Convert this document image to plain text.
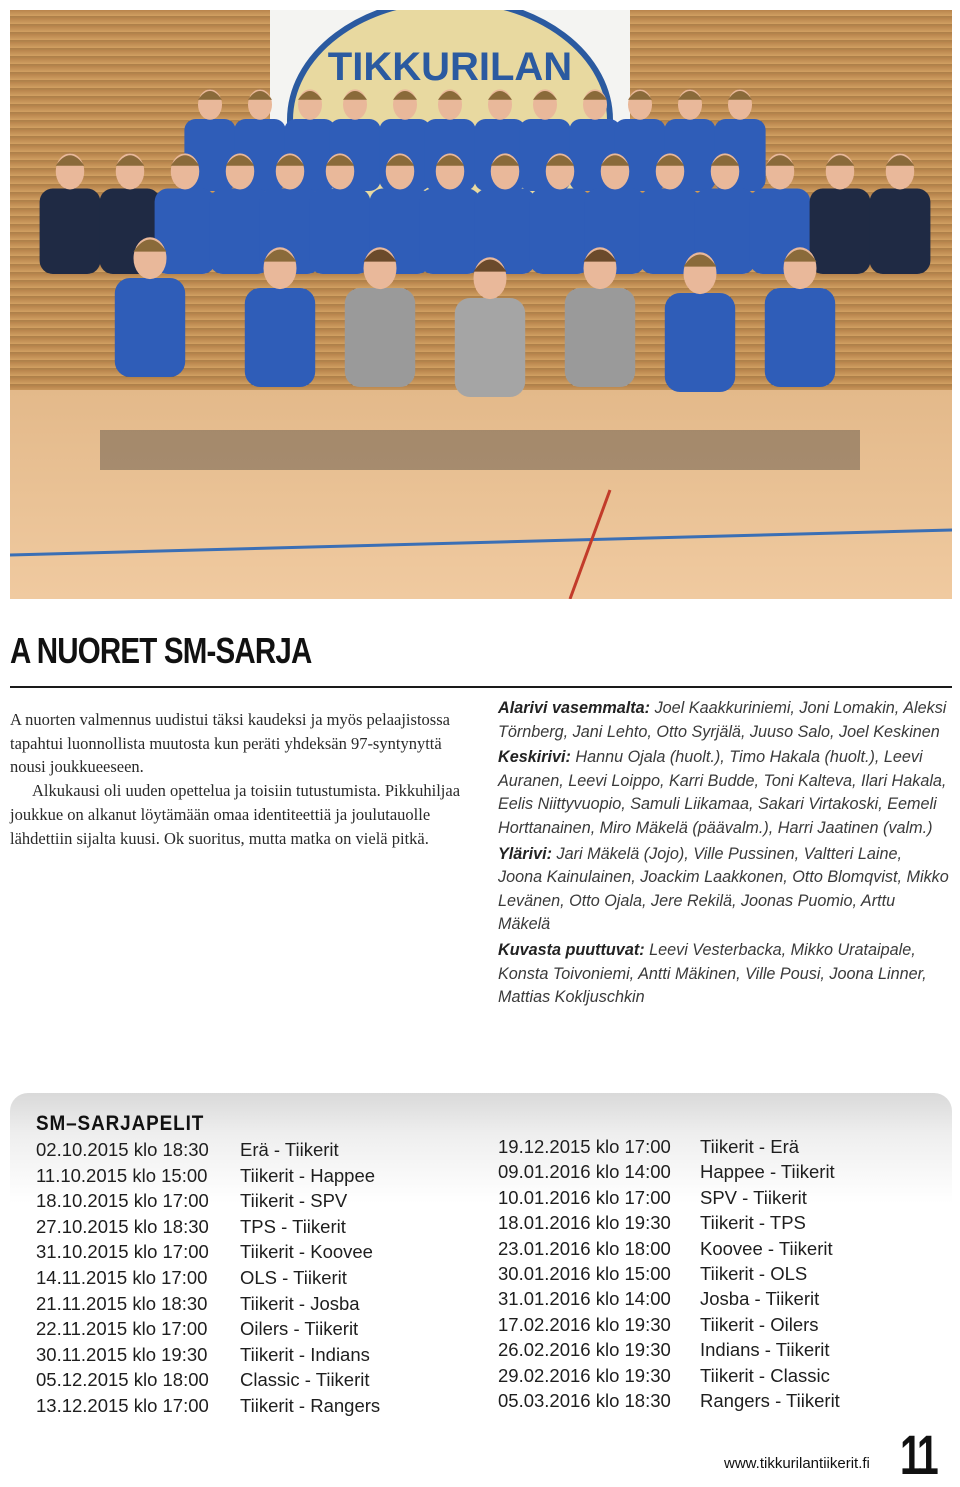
TIKKURILAN
A NUORET SM-SARJA

A nuorten valmennus uudistui täksi kaudeksi ja myös pelaajistossa tapahtui luonnollista muutosta kun peräti yhdeksän 97-syntynyttä nousi joukkueeseen.

Alkukausi oli uuden opettelua ja toisiin tutustumista. Pikkuhiljaa joukkue on alkanut löytämään omaa identiteettiä ja joulutauolle lähdettiin sijalta kuusi. Ok suoritus, mutta matka on vielä pitkä.

Alarivi vasemmalta: Joel Kaakkuriniemi, Joni Lomakin, Aleksi Törnberg, Jani Lehto, Otto Syrjälä, Juuso Salo, Joel Keskinen

Keskirivi: Hannu Ojala (huolt.), Timo Hakala (huolt.), Leevi Auranen, Leevi Loippo, Karri Budde, Toni Kalteva, Ilari Hakala, Eelis Niittyvuopio, Samuli Liikamaa, Sakari Virtakoski, Eemeli Horttanainen, Miro Mäkelä (päävalm.), Harri Jaatinen (valm.)

Ylärivi: Jari Mäkelä (Jojo), Ville Pussinen, Valtteri Laine, Joona Kainulainen, Joackim Laakkonen, Otto Blomqvist, Mikko Levänen, Otto Ojala, Jere Rekilä, Joonas Puomio, Arttu Mäkelä

Kuvasta puuttuvat: Leevi Vesterbacka, Mikko Urataipale, Konsta Toivoniemi, Antti Mäkinen, Ville Pousi, Joona Linner, Mattias Kokljuschkin

SM–SARJAPELIT
02.10.2015 klo 18:30 Erä - Tiikerit
11.10.2015 klo 15:00 Tiikerit - Happee
18.10.2015 klo 17:00 Tiikerit - SPV
27.10.2015 klo 18:30 TPS - Tiikerit
31.10.2015 klo 17:00 Tiikerit - Koovee
14.11.2015 klo 17:00 OLS - Tiikerit
21.11.2015 klo 18:30 Tiikerit - Josba
22.11.2015 klo 17:00 Oilers - Tiikerit
30.11.2015 klo 19:30 Tiikerit - Indians
05.12.2015 klo 18:00 Classic - Tiikerit
13.12.2015 klo 17:00 Tiikerit - Rangers
19.12.2015 klo 17:00 Tiikerit - Erä
09.01.2016 klo 14:00 Happee - Tiikerit
10.01.2016 klo 17:00 SPV - Tiikerit
18.01.2016 klo 19:30 Tiikerit - TPS
23.01.2016 klo 18:00 Koovee - Tiikerit
30.01.2016 klo 15:00 Tiikerit - OLS
31.01.2016 klo 14:00 Josba - Tiikerit
17.02.2016 klo 19:30 Tiikerit - Oilers
26.02.2016 klo 19:30 Indians - Tiikerit
29.02.2016 klo 19:30 Tiikerit - Classic
05.03.2016 klo 18:30 Rangers - Tiikerit
www.tikkurilantiikerit.fi 11
